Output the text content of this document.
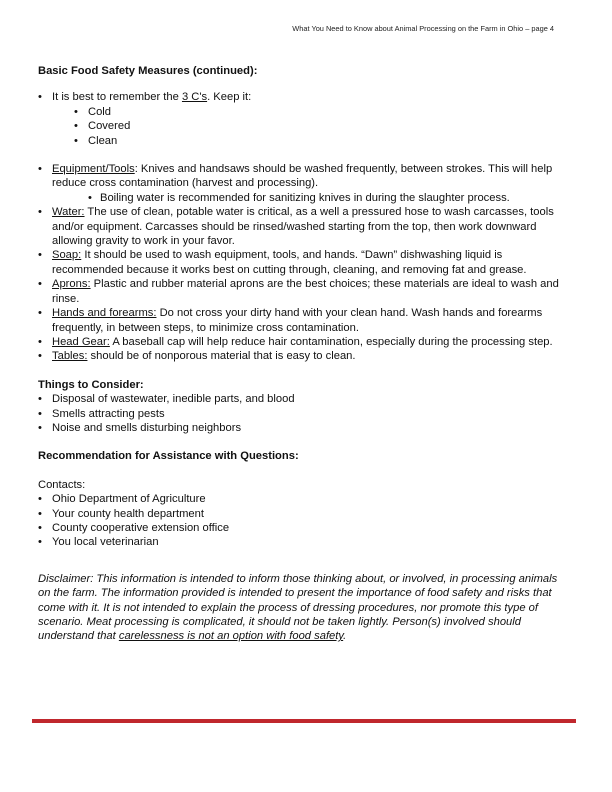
What You Need to Know about Animal Processing on the Farm in Ohio – page 4

Basic Food Safety Measures (continued):

• It is best to remember the 3 C's. Keep it:
• Cold
• Covered
• Clean
• Equipment/Tools: Knives and handsaws should be washed frequently, between strokes. This will help reduce cross contamination (harvest and processing).
• Boiling water is recommended for sanitizing knives in during the slaughter process.
• Water: The use of clean, potable water is critical, as a well a pressured hose to wash carcasses, tools and/or equipment. Carcasses should be rinsed/washed starting from the top, then work downward allowing gravity to work in your favor.
• Soap: It should be used to wash equipment, tools, and hands. “Dawn” dishwashing liquid is recommended because it works best on cutting through, cleaning, and removing fat and grease.
• Aprons: Plastic and rubber material aprons are the best choices; these materials are ideal to wash and rinse.
• Hands and forearms: Do not cross your dirty hand with your clean hand. Wash hands and forearms frequently, in between steps, to minimize cross contamination.
• Head Gear: A baseball cap will help reduce hair contamination, especially during the processing step.
• Tables: should be of nonporous material that is easy to clean.

Things to Consider:

• Disposal of wastewater, inedible parts, and blood
• Smells attracting pests
• Noise and smells disturbing neighbors

Recommendation for Assistance with Questions:

Contacts:

• Ohio Department of Agriculture
• Your county health department
• County cooperative extension office
• You local veterinarian

Disclaimer: This information is intended to inform those thinking about, or involved, in processing animals on the farm. The information provided is intended to present the importance of food safety and risks that come with it. It is not intended to explain the process of dressing procedures, nor promote this type of scenario. Meat processing is complicated, it should not be taken lightly. Person(s) involved should understand that carelessness is not an option with food safety.
